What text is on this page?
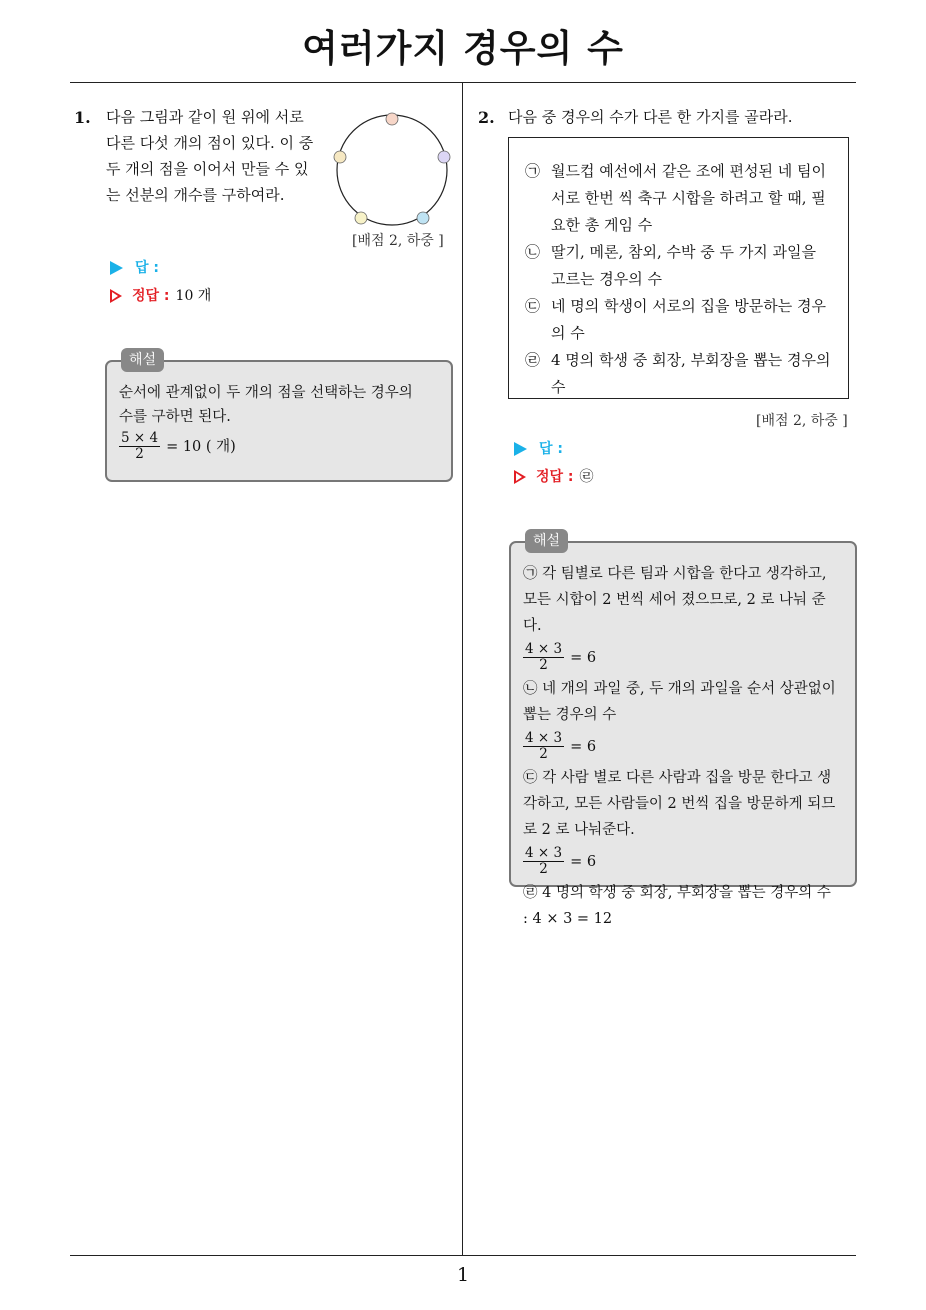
여러가지 경우의 수
1. 다음 그림과 같이 원 위에 서로
다른 다섯 개의 점이 있다. 이 중
두 개의 점을 이어서 만들 수 있
는 선분의 개수를 구하여라.
[배점 2, 하중 ]
답 :
정답 : 10 개
해설

순서에 관계없이 두 개의 점을 선택하는 경우의

수를 구하면 된다.

$\frac{5 \times 4}{2} = 10$ ( 개)
2. 다음 중 경우의 수가 다른 한 가지를 골라라.
㉠ 월드컵 예선에서 같은 조에 편성된 네 팀이 서로 한번 씩 축구 시합을 하려고 할 때, 필요한 총 게임 수
㉡ 딸기, 메론, 참외, 수박 중 두 가지 과일을 고르는 경우의 수
㉢ 네 명의 학생이 서로의 집을 방문하는 경우의 수
㉣ 4 명의 학생 중 회장, 부회장을 뽑는 경우의 수
[배점 2, 하중 ]
답 :
정답 : ㉣
해설

㉠ 각 팀별로 다른 팀과 시합을 한다고 생각하고, 모든 시합이 2 번씩 세어 졌으므로, 2 로 나눠 준다.

$\frac{4 \times 3}{2} = 6$

㉡ 네 개의 과일 중, 두 개의 과일을 순서 상관없이 뽑는 경우의 수

$\frac{4 \times 3}{2} = 6$

㉢ 각 사람 별로 다른 사람과 집을 방문 한다고 생각하고, 모든 사람들이 2 번씩 집을 방문하게 되므로 2 로 나눠준다.

$\frac{4 \times 3}{2} = 6$

㉣ 4 명의 학생 중 회장, 부회장을 뽑는 경우의 수

: 4 × 3 = 12

1
